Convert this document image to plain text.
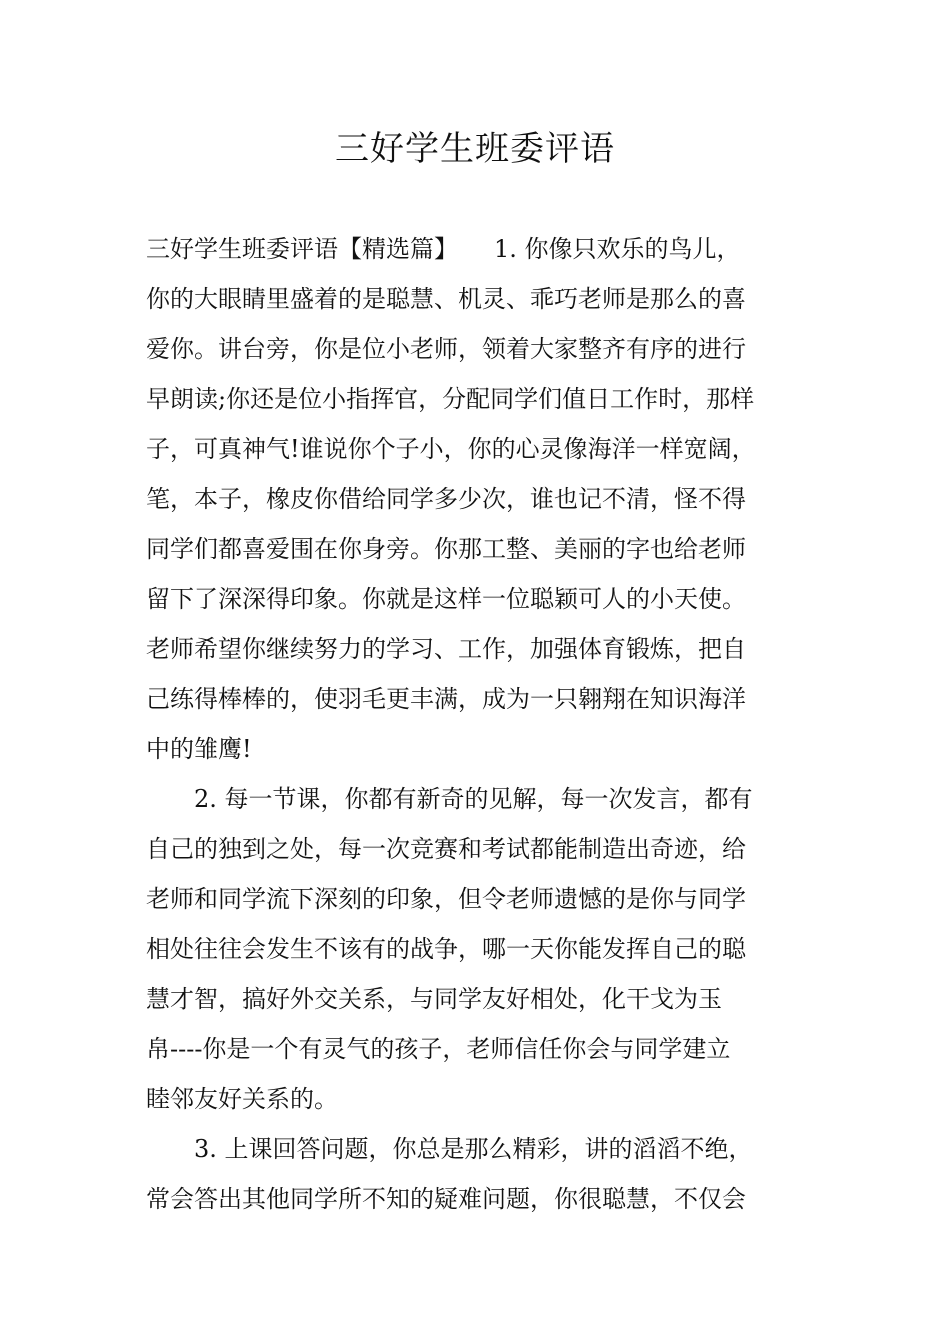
三好学生班委评语
三好学生班委评语【精选篇】　　1. 你像只欢乐的鸟儿，
你的大眼睛里盛着的是聪慧、机灵、乖巧老师是那么的喜
爱你。讲台旁，你是位小老师，领着大家整齐有序的进行
早朗读;你还是位小指挥官，分配同学们值日工作时，那样
子，可真神气!谁说你个子小，你的心灵像海洋一样宽阔，
笔，本子，橡皮你借给同学多少次，谁也记不清，怪不得
同学们都喜爱围在你身旁。你那工整、美丽的字也给老师
留下了深深得印象。你就是这样一位聪颖可人的小天使。
老师希望你继续努力的学习、工作，加强体育锻炼，把自
己练得棒棒的，使羽毛更丰满，成为一只翱翔在知识海洋
中的雏鹰!
　　2. 每一节课，你都有新奇的见解，每一次发言，都有
自己的独到之处，每一次竞赛和考试都能制造出奇迹，给
老师和同学流下深刻的印象，但令老师遗憾的是你与同学
相处往往会发生不该有的战争，哪一天你能发挥自己的聪
慧才智，搞好外交关系，与同学友好相处，化干戈为玉
帛----你是一个有灵气的孩子，老师信任你会与同学建立
睦邻友好关系的。
　　3. 上课回答问题，你总是那么精彩，讲的滔滔不绝，
常会答出其他同学所不知的疑难问题，你很聪慧，不仅会
